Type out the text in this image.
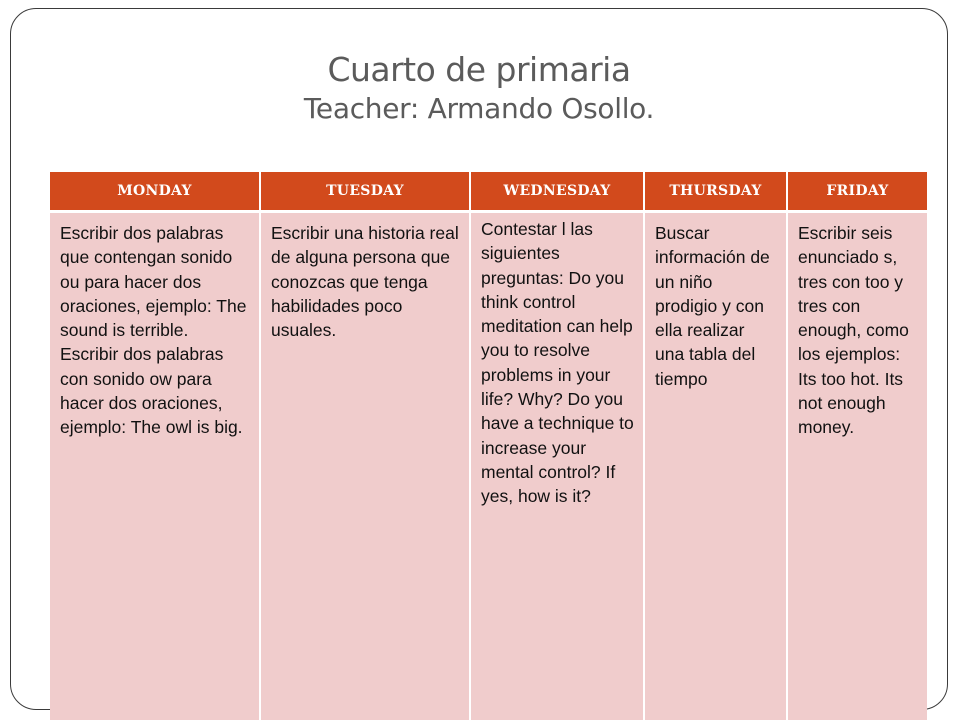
Cuarto de primaria
Teacher: Armando Osollo.
MONDAY	TUESDAY	WEDNESDAY	THURSDAY	FRIDAY

Escribir dos palabras que contengan sonido ou para hacer dos oraciones, ejemplo: The sound is terrible. Escribir dos palabras con sonido ow para hacer dos oraciones, ejemplo: The owl is big.	Escribir una historia real de alguna persona que conozcas que tenga habilidades poco usuales.	Contestar l las siguientes preguntas: Do you think control meditation can help you to resolve problems in your life? Why? Do you have a technique to increase your mental control? If yes, how is it?	Buscar información de un niño prodigio y con ella realizar una tabla del tiempo	Escribir seis enunciado s, tres con too y tres con enough, como los ejemplos: Its too hot. Its not enough money.
